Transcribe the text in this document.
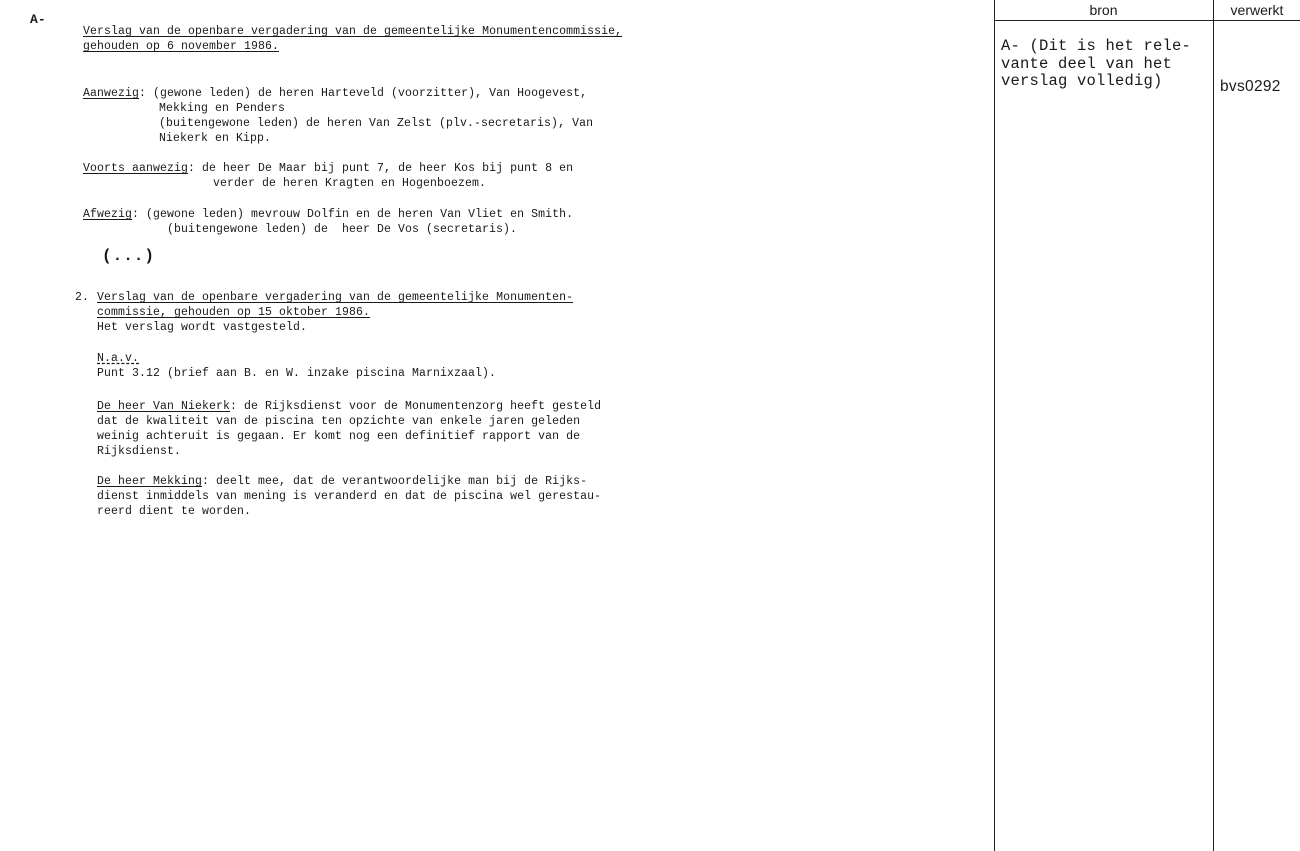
A-
Verslag van de openbare vergadering van de gemeentelijke Monumentencommissie,
gehouden op 6 november 1986.
Aanwezig: (gewone leden) de heren Harteveld (voorzitter), Van Hoogevest,
Mekking en Penders
(buitengewone leden) de heren Van Zelst (plv.-secretaris), Van
Niekerk en Kipp.
Voorts aanwezig: de heer De Maar bij punt 7, de heer Kos bij punt 8 en
verder de heren Kragten en Hogenboezem.
Afwezig: (gewone leden) mevrouw Dolfin en de heren Van Vliet en Smith.
(buitengewone leden) de  heer De Vos (secretaris).
(...)
2. Verslag van de openbare vergadering van de gemeentelijke Monumenten-
commissie, gehouden op 15 oktober 1986.
Het verslag wordt vastgesteld.
N.a.v.
Punt 3.12 (brief aan B. en W. inzake piscina Marnixzaal).
De heer Van Niekerk: de Rijksdienst voor de Monumentenzorg heeft gesteld
dat de kwaliteit van de piscina ten opzichte van enkele jaren geleden
weinig achteruit is gegaan. Er komt nog een definitief rapport van de
Rijksdienst.
De heer Mekking: deelt mee, dat de verantwoordelijke man bij de Rijks-
dienst inmiddels van mening is veranderd en dat de piscina wel gerestau-
reerd dient te worden.
bron	verwerkt
A- (Dit is het rele-
vante deel van het
verslag volledig)	bvs0292
